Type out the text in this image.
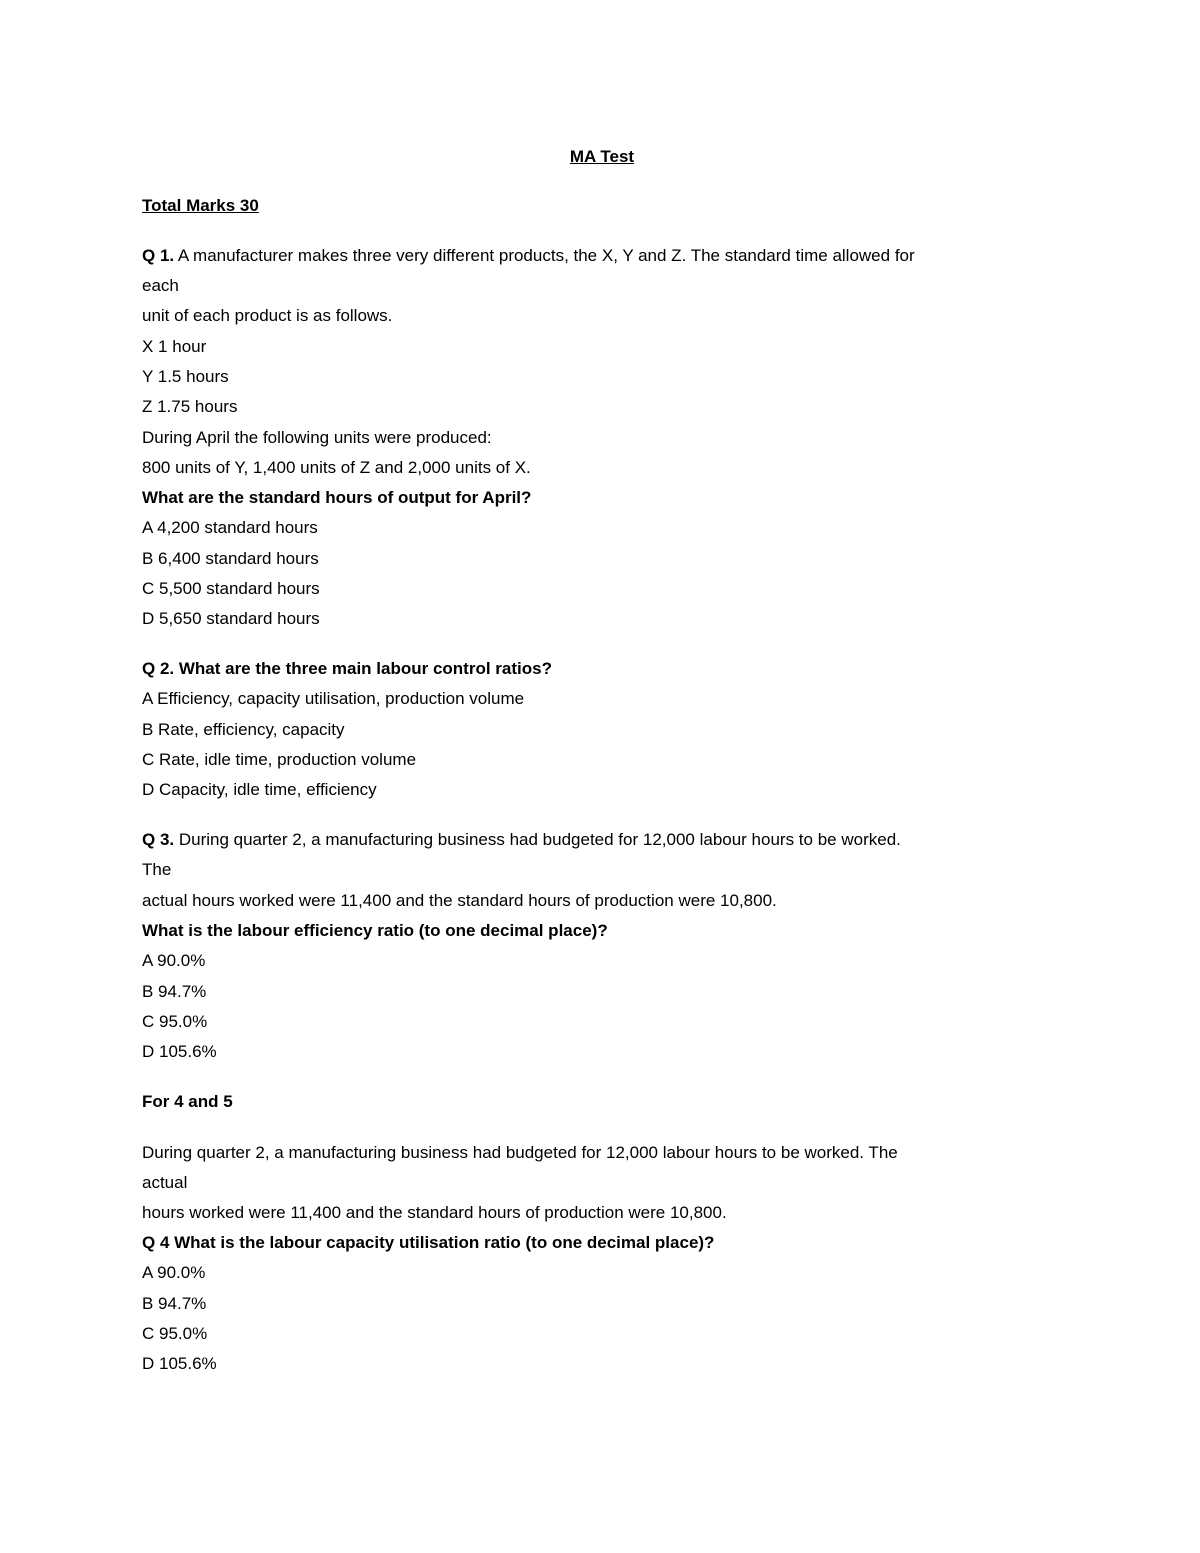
MA Test
Total Marks 30
Q 1. A manufacturer makes three very different products, the X, Y and Z. The standard time allowed for
each
unit of each product is as follows.
X 1 hour
Y 1.5 hours
Z 1.75 hours
During April the following units were produced:
800 units of Y, 1,400 units of Z and 2,000 units of X.
What are the standard hours of output for April?
A 4,200 standard hours
B 6,400 standard hours
C 5,500 standard hours
D 5,650 standard hours
Q 2. What are the three main labour control ratios?
A Efficiency, capacity utilisation, production volume
B Rate, efficiency, capacity
C Rate, idle time, production volume
D Capacity, idle time, efficiency
Q 3. During quarter 2, a manufacturing business had budgeted for 12,000 labour hours to be worked.
The
actual hours worked were 11,400 and the standard hours of production were 10,800.
What is the labour efficiency ratio (to one decimal place)?
A 90.0%
B 94.7%
C 95.0%
D 105.6%
For 4 and 5
During quarter 2, a manufacturing business had budgeted for 12,000 labour hours to be worked. The
actual
hours worked were 11,400 and the standard hours of production were 10,800.
Q 4 What is the labour capacity utilisation ratio (to one decimal place)?
A 90.0%
B 94.7%
C 95.0%
D 105.6%
